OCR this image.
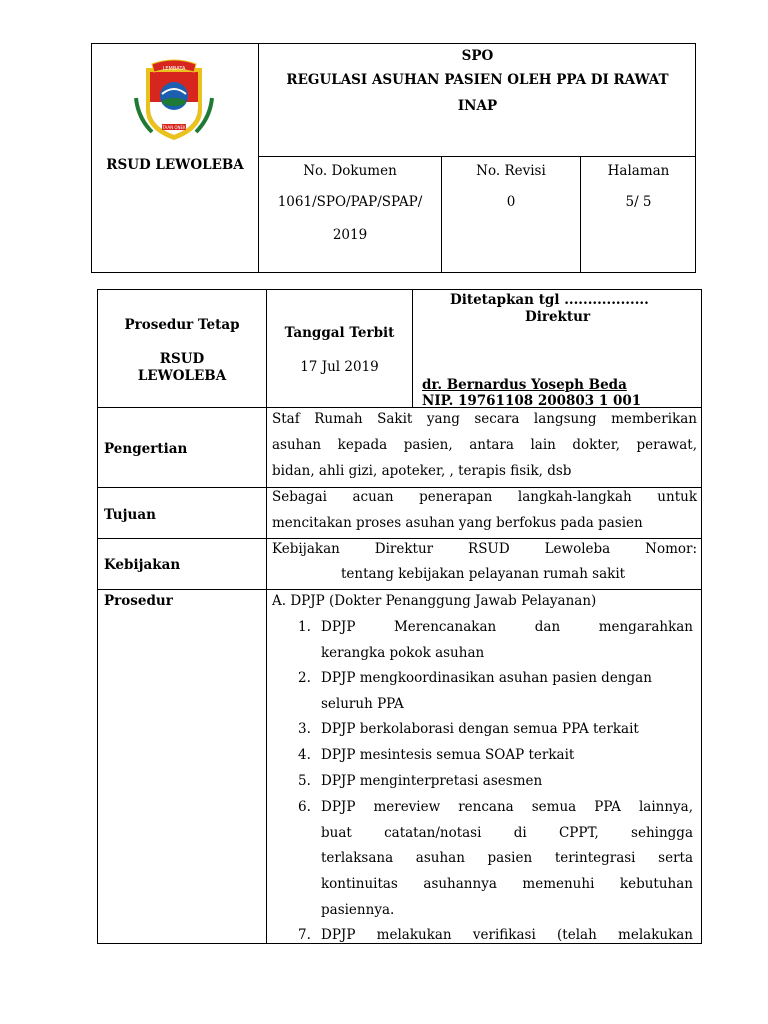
LEMBATA
TAAN ONEK
RSUD LEWOLEBA
SPO
REGULASI ASUHAN PASIEN OLEH PPA DI RAWAT
INAP
No. Dokumen
1061/SPO/PAP/SPAP/
2019
No. Revisi
0
Halaman
5/ 5
Prosedur Tetap
RSUD
LEWOLEBA
Tanggal Terbit
17 Jul 2019
Ditetapkan tgl ..................
Direktur
dr. Bernardus Yoseph Beda
NIP. 19761108 200803 1 001
Pengertian
Staf Rumah Sakit yang secara langsung memberikan
asuhan kepada pasien, antara lain dokter, perawat,
bidan, ahli gizi, apoteker, , terapis fisik, dsb
Tujuan
Sebagai acuan penerapan langkah-langkah untuk
mencitakan proses asuhan yang berfokus pada pasien
Kebijakan
Kebijakan Direktur RSUD Lewoleba Nomor:
tentang kebijakan pelayanan rumah sakit
Prosedur	A. DPJP (Dokter Penanggung Jawab Pelayanan)
1. DPJP Merencanakan dan mengarahkan
kerangka pokok asuhan
2. DPJP mengkoordinasikan asuhan pasien dengan
seluruh PPA
3. DPJP berkolaborasi dengan semua PPA terkait
4. DPJP mesintesis semua SOAP terkait
5. DPJP menginterpretasi asesmen
6. DPJP mereview rencana semua PPA lainnya,
buat catatan/notasi di CPPT, sehingga
terlaksana asuhan pasien terintegrasi serta
kontinuitas asuhannya memenuhi kebutuhan
pasiennya.
7. DPJP melakukan verifikasi (telah melakukan
